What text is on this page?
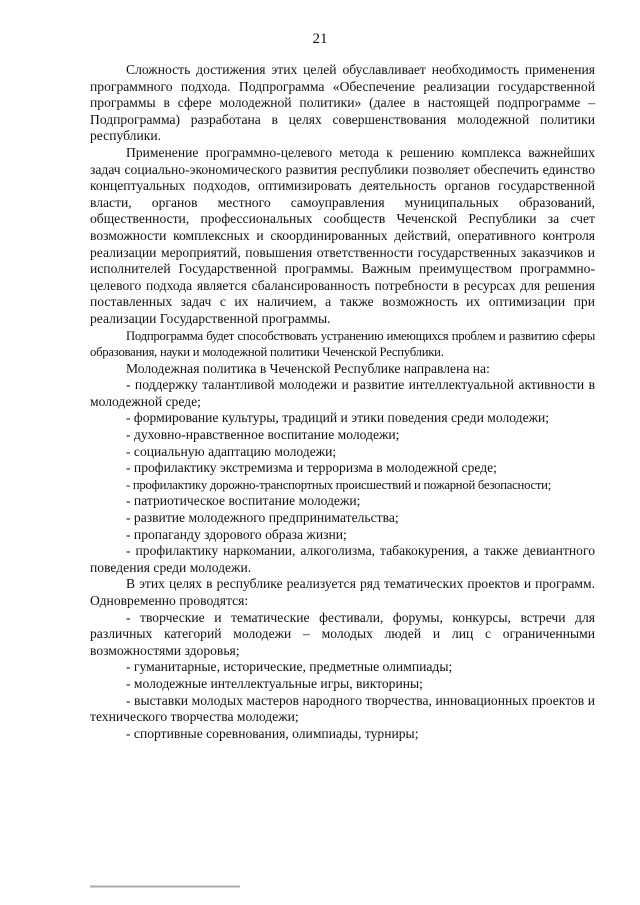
21

Сложность достижения этих целей обуславливает необходимость применения программного подхода. Подпрограмма «Обеспечение реализации государственной программы в сфере молодежной политики» (далее в настоящей подпрограмме – Подпрограмма) разработана в целях совершенствования молодежной политики республики.

Применение программно-целевого метода к решению комплекса важнейших задач социально-экономического развития республики позволяет обеспечить единство концептуальных подходов, оптимизировать деятельность органов государственной власти, органов местного самоуправления муниципальных образований, общественности, профессиональных сообществ Чеченской Республики за счет возможности комплексных и скоординированных действий, оперативного контроля реализации мероприятий, повышения ответственности государственных заказчиков и исполнителей Государственной программы. Важным преимуществом программно-целевого подхода является сбалансированность потребности в ресурсах для решения поставленных задач с их наличием, а также возможность их оптимизации при реализации Государственной программы.

Подпрограмма будет способствовать устранению имеющихся проблем и развитию сферы образования, науки и молодежной политики Чеченской Республики.

Молодежная политика в Чеченской Республике направлена на:

- поддержку талантливой молодежи и развитие интеллектуальной активности в молодежной среде;

- формирование культуры, традиций и этики поведения среди молодежи;

- духовно-нравственное воспитание молодежи;

- социальную адаптацию молодежи;

- профилактику экстремизма и терроризма в молодежной среде;

- профилактику дорожно-транспортных происшествий и пожарной безопасности;

- патриотическое воспитание молодежи;

- развитие молодежного предпринимательства;

- пропаганду здорового образа жизни;

- профилактику наркомании, алкоголизма, табакокурения, а также девиантного поведения среди молодежи.

В этих целях в республике реализуется ряд тематических проектов и программ. Одновременно проводятся:

- творческие и тематические фестивали, форумы, конкурсы, встречи для различных категорий молодежи – молодых людей и лиц с ограниченными возможностями здоровья;

- гуманитарные, исторические, предметные олимпиады;

- молодежные интеллектуальные игры, викторины;

- выставки молодых мастеров народного творчества, инновационных проектов и технического творчества молодежи;

- спортивные соревнования, олимпиады, турниры;
